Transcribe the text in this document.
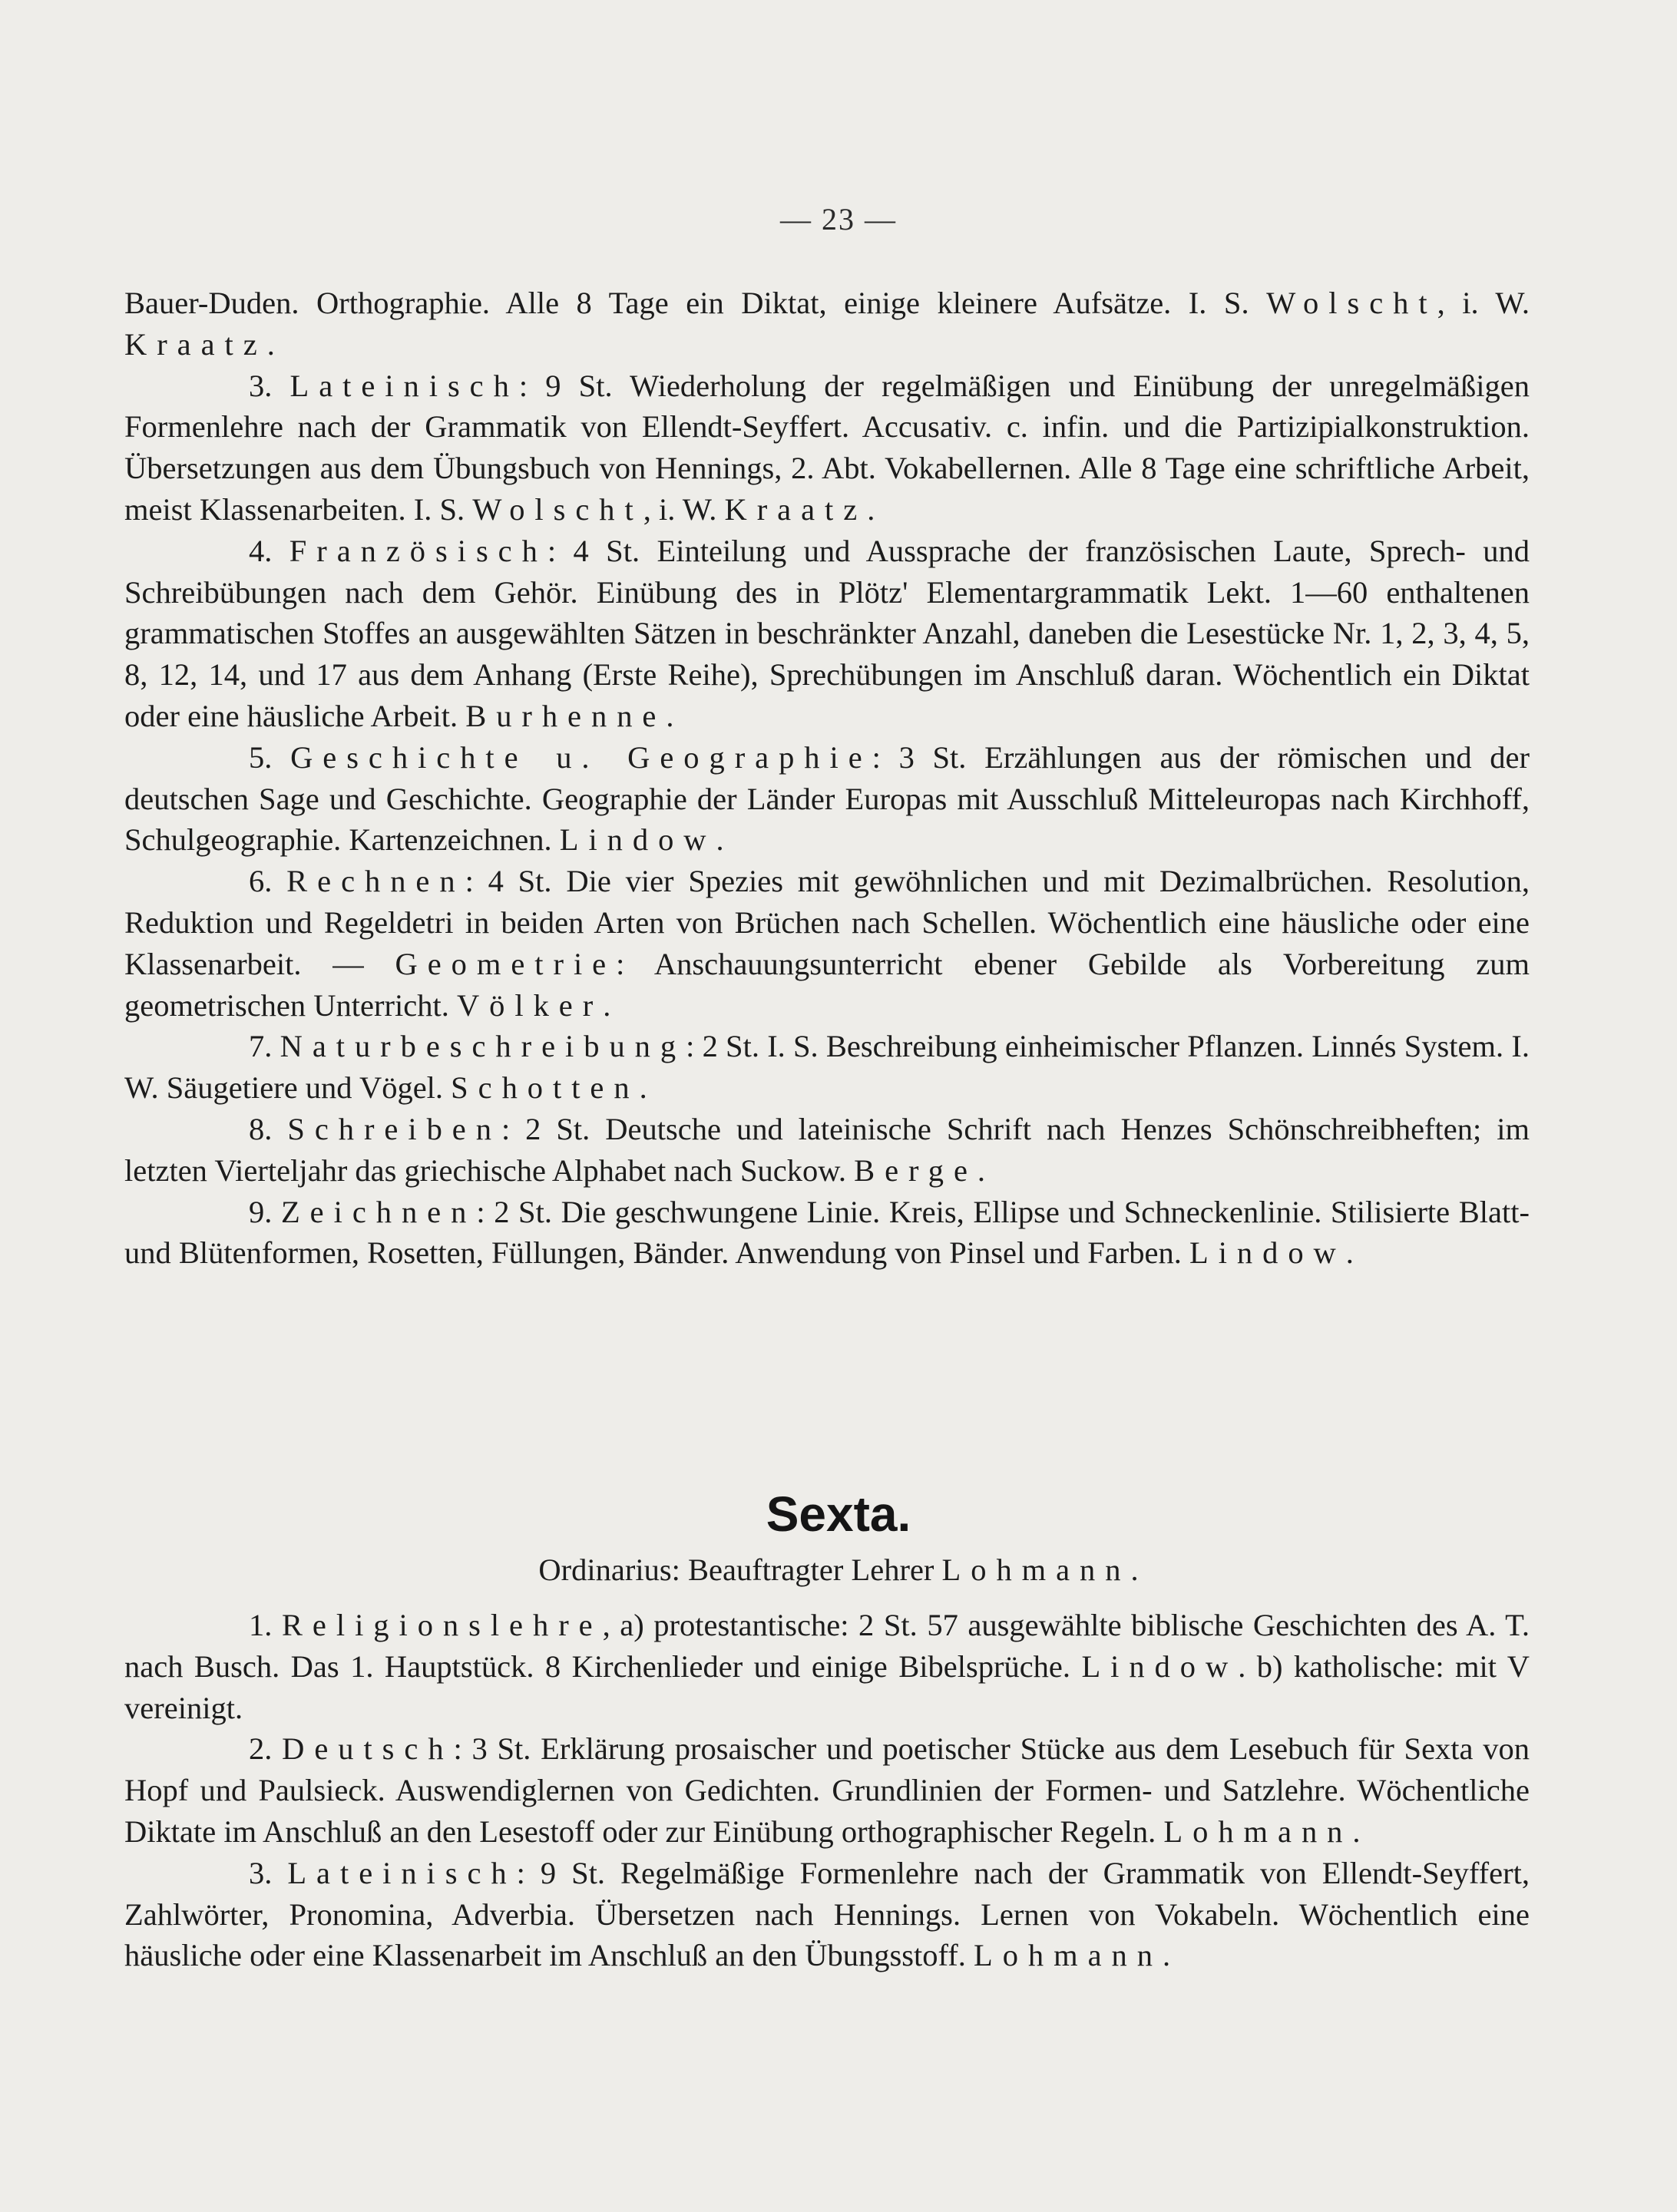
— 23 —

Bauer-Duden. Orthographie. Alle 8 Tage ein Diktat, einige kleinere Aufsätze. I. S. Wolscht, i. W. Kraatz.

3. Lateinisch: 9 St. Wiederholung der regelmäßigen und Einübung der unregelmäßigen Formenlehre nach der Grammatik von Ellendt-Seyffert. Accusativ. c. infin. und die Partizipialkonstruktion. Übersetzungen aus dem Übungsbuch von Hennings, 2. Abt. Vokabellernen. Alle 8 Tage eine schriftliche Arbeit, meist Klassenarbeiten. I. S. Wolscht, i. W. Kraatz.

4. Französisch: 4 St. Einteilung und Aussprache der französischen Laute, Sprech- und Schreibübungen nach dem Gehör. Einübung des in Plötz' Elementargrammatik Lekt. 1—60 enthaltenen grammatischen Stoffes an ausgewählten Sätzen in beschränkter Anzahl, daneben die Lesestücke Nr. 1, 2, 3, 4, 5, 8, 12, 14, und 17 aus dem Anhang (Erste Reihe), Sprechübungen im Anschluß daran. Wöchentlich ein Diktat oder eine häusliche Arbeit. Burhenne.

5. Geschichte u. Geographie: 3 St. Erzählungen aus der römischen und der deutschen Sage und Geschichte. Geographie der Länder Europas mit Ausschluß Mitteleuropas nach Kirchhoff, Schulgeographie. Kartenzeichnen. Lindow.

6. Rechnen: 4 St. Die vier Spezies mit gewöhnlichen und mit Dezimalbrüchen. Resolution, Reduktion und Regeldetri in beiden Arten von Brüchen nach Schellen. Wöchentlich eine häusliche oder eine Klassenarbeit. — Geometrie: Anschauungsunterricht ebener Gebilde als Vorbereitung zum geometrischen Unterricht. Völker.

7. Naturbeschreibung: 2 St. I. S. Beschreibung einheimischer Pflanzen. Linnés System. I. W. Säugetiere und Vögel. Schotten.

8. Schreiben: 2 St. Deutsche und lateinische Schrift nach Henzes Schönschreibheften; im letzten Vierteljahr das griechische Alphabet nach Suckow. Berge.

9. Zeichnen: 2 St. Die geschwungene Linie. Kreis, Ellipse und Schneckenlinie. Stilisierte Blatt- und Blütenformen, Rosetten, Füllungen, Bänder. Anwendung von Pinsel und Farben. Lindow.

Sexta.
Ordinarius: Beauftragter Lehrer Lohmann.

1. Religionslehre, a) protestantische: 2 St. 57 ausgewählte biblische Geschichten des A. T. nach Busch. Das 1. Hauptstück. 8 Kirchenlieder und einige Bibelsprüche. Lindow. b) katholische: mit V vereinigt.

2. Deutsch: 3 St. Erklärung prosaischer und poetischer Stücke aus dem Lesebuch für Sexta von Hopf und Paulsieck. Auswendiglernen von Gedichten. Grundlinien der Formen- und Satzlehre. Wöchentliche Diktate im Anschluß an den Lesestoff oder zur Einübung orthographischer Regeln. Lohmann.

3. Lateinisch: 9 St. Regelmäßige Formenlehre nach der Grammatik von Ellendt-Seyffert, Zahlwörter, Pronomina, Adverbia. Übersetzen nach Hennings. Lernen von Vokabeln. Wöchentlich eine häusliche oder eine Klassenarbeit im Anschluß an den Übungsstoff. Lohmann.
